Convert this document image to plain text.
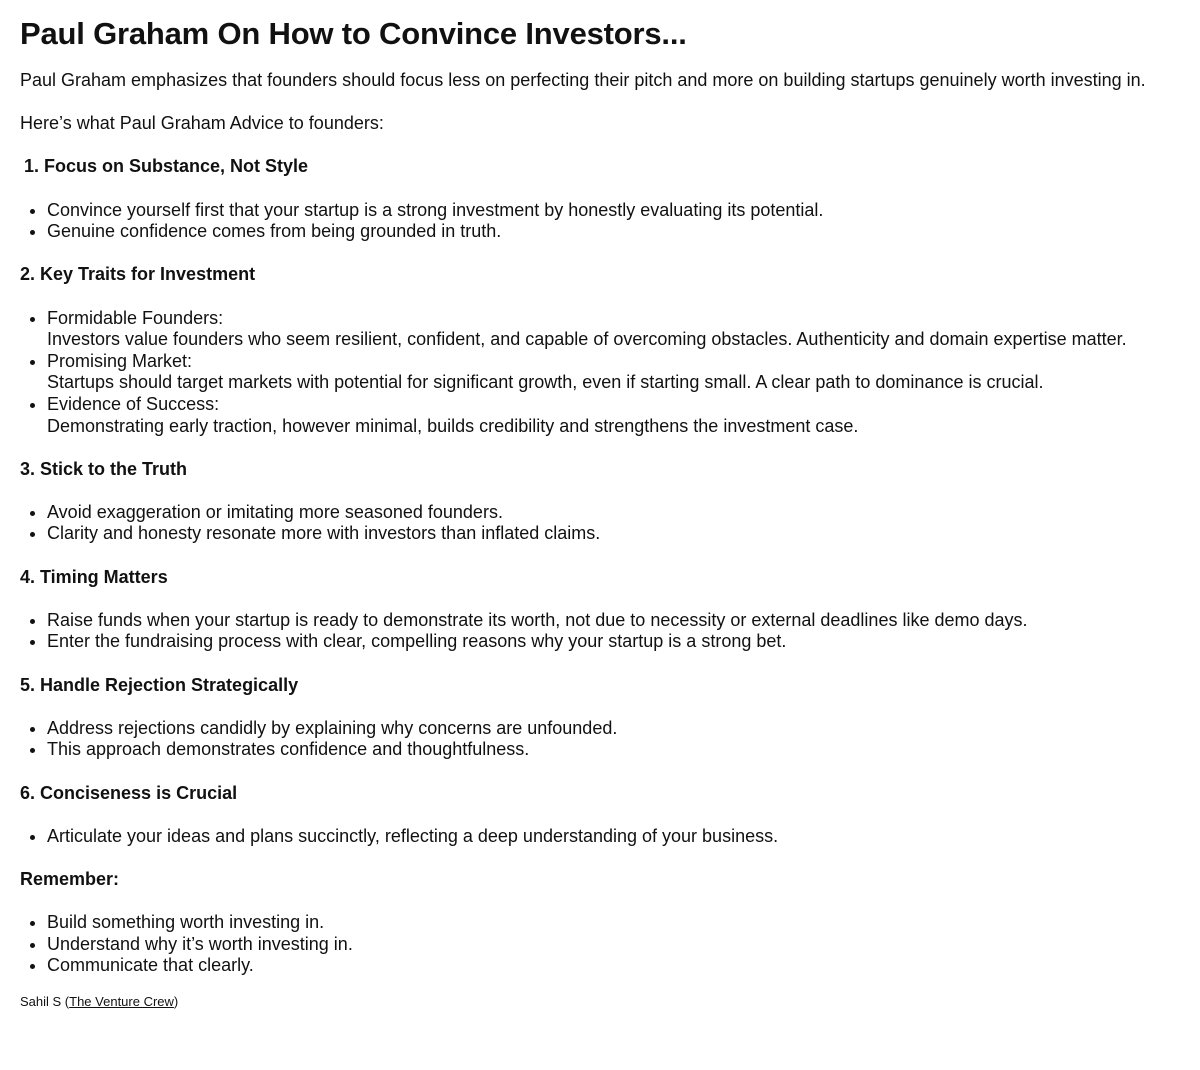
Paul Graham On How to Convince Investors...

Paul Graham emphasizes that founders should focus less on perfecting their pitch and more on building startups genuinely worth investing in.

Here’s what Paul Graham Advice to founders:

1. Focus on Substance, Not Style
• Convince yourself first that your startup is a strong investment by honestly evaluating its potential.
• Genuine confidence comes from being grounded in truth.
2. Key Traits for Investment
• Formidable Founders:
Investors value founders who seem resilient, confident, and capable of overcoming obstacles. Authenticity and domain expertise matter.
• Promising Market:
Startups should target markets with potential for significant growth, even if starting small. A clear path to dominance is crucial.
• Evidence of Success:
Demonstrating early traction, however minimal, builds credibility and strengthens the investment case.
3. Stick to the Truth
• Avoid exaggeration or imitating more seasoned founders.
• Clarity and honesty resonate more with investors than inflated claims.
4. Timing Matters
• Raise funds when your startup is ready to demonstrate its worth, not due to necessity or external deadlines like demo days.
• Enter the fundraising process with clear, compelling reasons why your startup is a strong bet.
5. Handle Rejection Strategically
• Address rejections candidly by explaining why concerns are unfounded.
• This approach demonstrates confidence and thoughtfulness.
6. Conciseness is Crucial
• Articulate your ideas and plans succinctly, reflecting a deep understanding of your business.
Remember:
• Build something worth investing in.
• Understand why it’s worth investing in.
• Communicate that clearly.
Sahil S (The Venture Crew)
